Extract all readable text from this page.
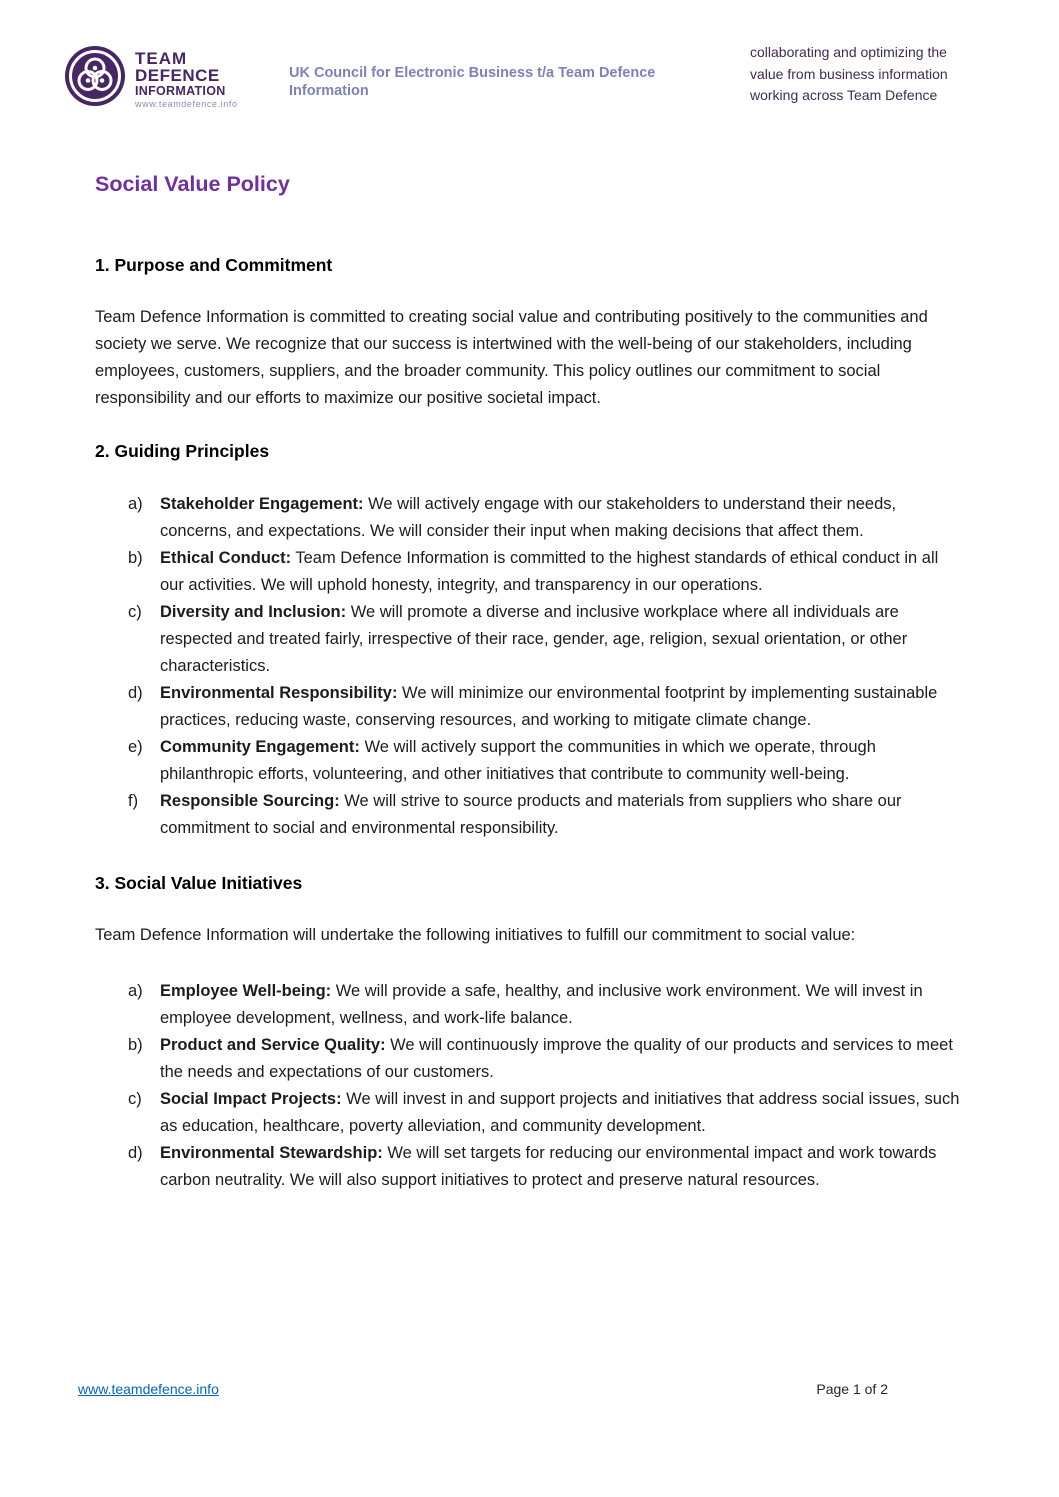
TEAM
DEFENCE
INFORMATION
www.teamdefence.info
UK Council for Electronic Business t/a Team Defence Information
collaborating and optimizing the
value from business information
working across Team Defence
Social Value Policy
1. Purpose and Commitment

Team Defence Information is committed to creating social value and contributing positively to the communities and society we serve. We recognize that our success is intertwined with the well-being of our stakeholders, including employees, customers, suppliers, and the broader community. This policy outlines our commitment to social responsibility and our efforts to maximize our positive societal impact.

2. Guiding Principles
a) Stakeholder Engagement: We will actively engage with our stakeholders to understand their needs, concerns, and expectations. We will consider their input when making decisions that affect them.
b) Ethical Conduct: Team Defence Information is committed to the highest standards of ethical conduct in all our activities. We will uphold honesty, integrity, and transparency in our operations.
c) Diversity and Inclusion: We will promote a diverse and inclusive workplace where all individuals are respected and treated fairly, irrespective of their race, gender, age, religion, sexual orientation, or other characteristics.
d) Environmental Responsibility: We will minimize our environmental footprint by implementing sustainable practices, reducing waste, conserving resources, and working to mitigate climate change.
e) Community Engagement: We will actively support the communities in which we operate, through philanthropic efforts, volunteering, and other initiatives that contribute to community well-being.
f) Responsible Sourcing: We will strive to source products and materials from suppliers who share our commitment to social and environmental responsibility.
3. Social Value Initiatives

Team Defence Information will undertake the following initiatives to fulfill our commitment to social value:

a) Employee Well-being: We will provide a safe, healthy, and inclusive work environment. We will invest in employee development, wellness, and work-life balance.
b) Product and Service Quality: We will continuously improve the quality of our products and services to meet the needs and expectations of our customers.
c) Social Impact Projects: We will invest in and support projects and initiatives that address social issues, such as education, healthcare, poverty alleviation, and community development.
d) Environmental Stewardship: We will set targets for reducing our environmental impact and work towards carbon neutrality. We will also support initiatives to protect and preserve natural resources.
www.teamdefence.info	Page 1 of 2
